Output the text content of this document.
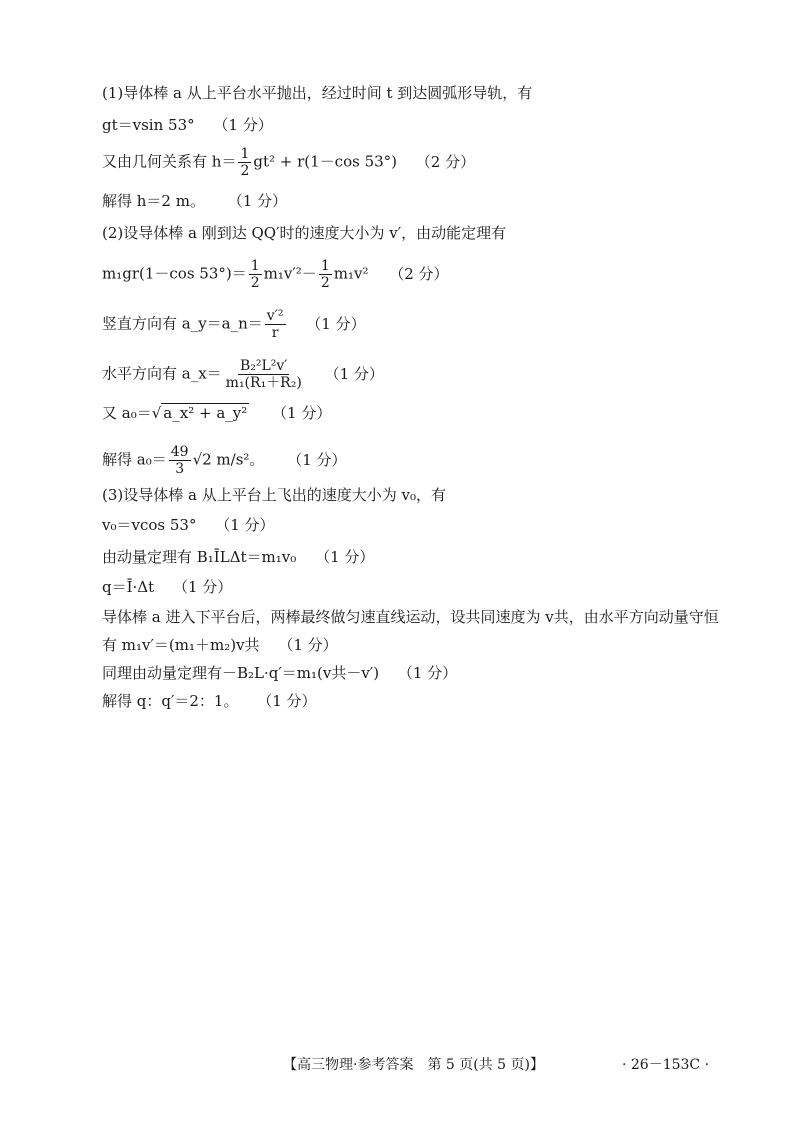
(1)导体棒 a 从上平台水平抛出，经过时间 t 到达圆弧形导轨，有
gt＝vsin 53° （1 分）
又由几何关系有 $h= \frac{1}{2} gt^2 + r(1-\cos$ 53°) （2 分）
解得 h＝2 m。 （1 分）
(2)设导体棒 a 刚到达 QQ′时的速度大小为 v′，由动能定理有
m₁gr(1－cos $53^\circ)= \frac{1}{2} m_1v'^2- \frac{1}{2} m_1v^2$ （2 分）
竖直方向有 a_y＝a_n＝ $\frac{\text{v′²}}{r} (1$ 分）
水平方向有 a_x＝ $\frac{\text{B₂²L²v′}}{\text{m₁(R₁＋R₂)}} (1$ 分）
又 a₀＝√ a_x² + a_y² （1 分）
解得 $a_0= \frac{49}{3} √2$ m/s²。 （1 分）
(3)设导体棒 a 从上平台上飞出的速度大小为 v₀，有
v₀＝vcos 53° （1 分）
由动量定理有 B₁ĪLΔt＝m₁v₀ （1 分）
q＝Ī·Δt （1 分）
导体棒 a 进入下平台后，两棒最终做匀速直线运动，设共同速度为 v共，由水平方向动量守恒
有 m₁v′＝(m₁＋m₂)v共 （1 分）
同理由动量定理有－B₂L·q′＝m₁(v共－v′) （1 分）
解得 q：q′＝2：1。 （1 分）
【高三物理·参考答案　第 5 页(共 5 页)】	· 26－153C ·
